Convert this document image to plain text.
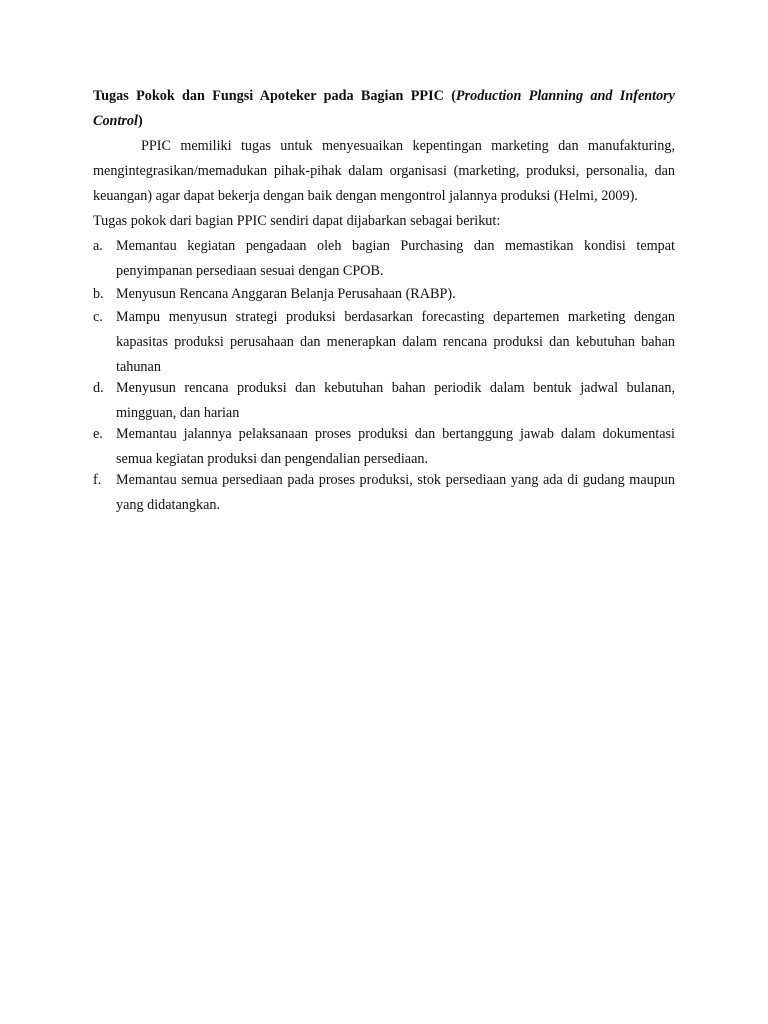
Tugas Pokok dan Fungsi Apoteker pada Bagian PPIC (Production Planning and Infentory Control)

PPIC memiliki tugas untuk menyesuaikan kepentingan marketing dan manufakturing, mengintegrasikan/memadukan pihak-pihak dalam organisasi (marketing, produksi, personalia, dan keuangan) agar dapat bekerja dengan baik dengan mengontrol jalannya produksi (Helmi, 2009).

Tugas pokok dari bagian PPIC sendiri dapat dijabarkan sebagai berikut:

a. Memantau kegiatan pengadaan oleh bagian Purchasing dan memastikan kondisi tempat penyimpanan persediaan sesuai dengan CPOB.
b. Menyusun Rencana Anggaran Belanja Perusahaan (RABP).
c. Mampu menyusun strategi produksi berdasarkan forecasting departemen marketing dengan kapasitas produksi perusahaan dan menerapkan dalam rencana produksi dan kebutuhan bahan tahunan
d. Menyusun rencana produksi dan kebutuhan bahan periodik dalam bentuk jadwal bulanan, mingguan, dan harian
e. Memantau jalannya pelaksanaan proses produksi dan bertanggung jawab dalam dokumentasi semua kegiatan produksi dan pengendalian persediaan.
f. Memantau semua persediaan pada proses produksi, stok persediaan yang ada di gudang maupun yang didatangkan.
